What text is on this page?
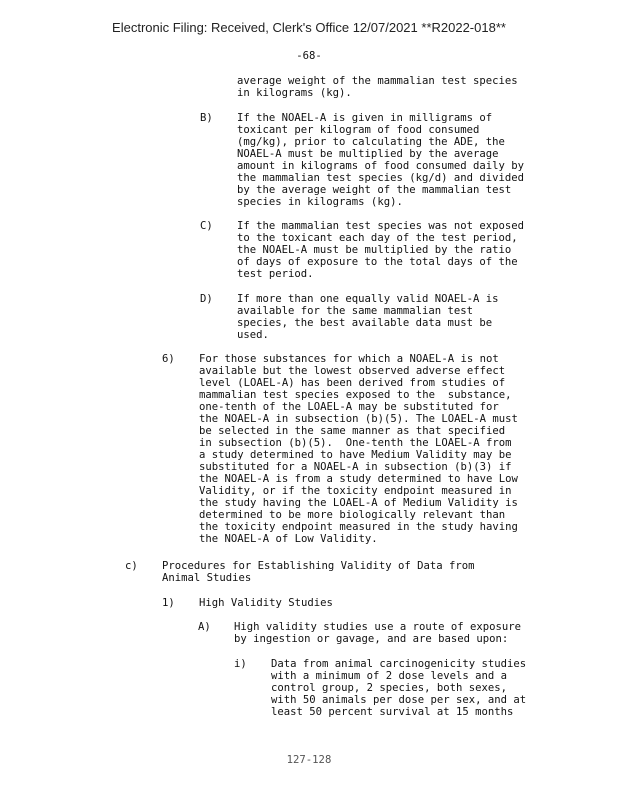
Electronic Filing: Received, Clerk's Office 12/07/2021 **R2022-018**
-68-
average weight of the mammalian test species
in kilograms (kg).
B) If the NOAEL-A is given in milligrams of
toxicant per kilogram of food consumed
(mg/kg), prior to calculating the ADE, the
NOAEL-A must be multiplied by the average
amount in kilograms of food consumed daily by
the mammalian test species (kg/d) and divided
by the average weight of the mammalian test
species in kilograms (kg).
C) If the mammalian test species was not exposed
to the toxicant each day of the test period,
the NOAEL-A must be multiplied by the ratio
of days of exposure to the total days of the
test period.
D) If more than one equally valid NOAEL-A is
available for the same mammalian test
species, the best available data must be
used.
6) For those substances for which a NOAEL-A is not
available but the lowest observed adverse effect
level (LOAEL-A) has been derived from studies of
mammalian test species exposed to the  substance,
one-tenth of the LOAEL-A may be substituted for
the NOAEL-A in subsection (b)(5). The LOAEL-A must
be selected in the same manner as that specified
in subsection (b)(5).  One-tenth the LOAEL-A from
a study determined to have Medium Validity may be
substituted for a NOAEL-A in subsection (b)(3) if
the NOAEL-A is from a study determined to have Low
Validity, or if the toxicity endpoint measured in
the study having the LOAEL-A of Medium Validity is
determined to be more biologically relevant than
the toxicity endpoint measured in the study having
the NOAEL-A of Low Validity.
c) Procedures for Establishing Validity of Data from
Animal Studies
1) High Validity Studies
A) High validity studies use a route of exposure
by ingestion or gavage, and are based upon:
i) Data from animal carcinogenicity studies
with a minimum of 2 dose levels and a
control group, 2 species, both sexes,
with 50 animals per dose per sex, and at
least 50 percent survival at 15 months
127-128
